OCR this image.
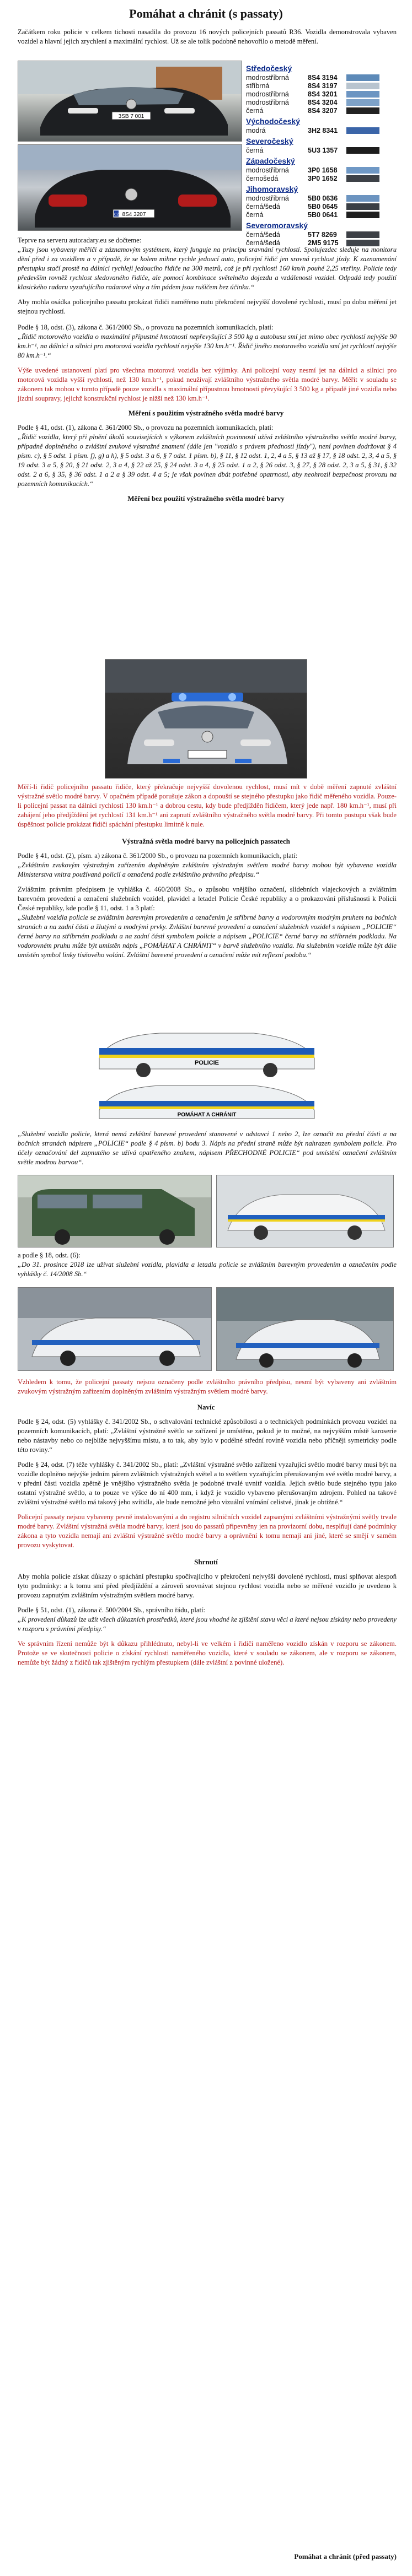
Pomáhat a chránit (s passaty)

Začátkem roku policie v celkem tichosti nasadila do provozu 16 nových policejních passatů R36. Vozidla demonstrovala vybaven vozidel a hlavní jejich zrychlení a maximální rychlost. Už se ale tolik podobně nehovořilo o metodě měření.

3SB 7 001
8S4 3207
CZ
Středočeský
modrostříbrná	8S4 3194
stříbrná	8S4 3197
modrostříbrná	8S4 3201
modrostříbrná	8S4 3204
černá	8S4 3207
Východočeský
modrá	3H2 8341
Severočeský
černá	5U3 1357
Západočeský
modrostříbrná	3P0 1658
černošedá	3P0 1652
Jihomoravský
modrostříbrná	5B0 0636
černá/šedá	5B0 0645
černá	5B0 0641
Severomoravský
černá/šedá	5T7 8269
černá/šedá	2M5 9175

Teprve na serveru autoradary.eu se dočteme:

„Tuzy jsou vybaveny měřiči a záznamovým systémem, který funguje na principu sravnání rychlostí. Spolujezdec sleduje na monitoru dění před i za vozidlem a v případě, že se kolem mihne rychle jedoucí auto, policejní řidič jen srovná rychlost jízdy. K zaznamenání přestupku stačí prostě na dálnici rychleji jedoucího řidiče na 300 metrů, což je při rychlosti 160 km/h pouhé 2,25 vteřiny. Policie tedy především rovněž rychlost sledovaného řidiče, ale pomocí kombinace světelného dojezdu a vzdálenosti vozidel. Odpadá tedy použití klasického radaru vyzařujícího radarové vlny a tím pádem jsou rušičem bez účinku.“

Aby mohla osádka policejního passatu prokázat řidiči naměřeno nutu překročení nejvyšší dovolené rychlosti, musí po dobu měření jet stejnou rychlostí.

Podle § 18, odst. (3), zákona č. 361/2000 Sb., o provozu na pozemních komunikacích, platí:

„Řidič motorového vozidla o maximální přípustné hmotnosti nepřevyšující 3 500 kg a autobusu smí jet mimo obec rychlostí nejvýše 90 km.h⁻¹, na dálnici a silnici pro motorová vozidla rychlostí nejvýše 130 km.h⁻¹. Řidič jiného motorového vozidla smí jet rychlostí nejvýše 80 km.h⁻¹.“

Výše uvedené ustanovení platí pro všechna motorová vozidla bez výjimky. Ani policejní vozy nesmí jet na dálnici a silnici pro motorová vozidla vyšší rychlostí, než 130 km.h⁻¹, pokud neužívají zvláštního výstražného světla modré barvy. Měřit v souladu se zákonem tak mohou v tomto případě pouze vozidla s maximální přípustnou hmotností převyšující 3 500 kg a případě jiné vozidla nebo jízdní soupravy, jejichž konstrukční rychlost je nižší než 130 km.h⁻¹.

Měření s použitím výstražného světla modré barvy

Podle § 41, odst. (1), zákona č. 361/2000 Sb., o provozu na pozemních komunikacích, platí:

„Řidič vozidla, který při plnění úkolů souvisejících s výkonem zvláštních povinností užívá zvláštního výstražného světla modré barvy, případně doplněného o zvláštní zvukové výstražné znamení (dále jen "vozidlo s právem přednosti jízdy"), není povinen dodržovat § 4 písm. c), § 5 odst. 1 písm. f), g) a h), § 5 odst. 3 a 6, § 7 odst. 1 písm. b), § 11, § 12 odst. 1, 2, 4 a 5, § 13 až § 17, § 18 odst. 2, 3, 4 a 5, § 19 odst. 3 a 5, § 20, § 21 odst. 2, 3 a 4, § 22 až 25, § 24 odst. 3 a 4, § 25 odst. 1 a 2, § 26 odst. 3, § 27, § 28 odst. 2, 3 a 5, § 31, § 32 odst. 2 a 6, § 35, § 36 odst. 1 a 2 a § 39 odst. 4 a 5; je však povinen dbát potřebné opatrnosti, aby neohrozil bezpečnost provozu na pozemních komunikacích.“

Měření bez použití výstražného světla modré barvy

Měří-li řidič policejního passatu řidiče, který překračuje nejvyšší dovolenou rychlost, musí mít v době měření zapnuté zvláštní výstražné světlo modré barvy. V opačném případě porušuje zákon a dopouští se stejného přestupku jako řidič měřeného vozidla. Pouze-li policejní passat na dálnici rychlostí 130 km.h⁻¹ a dobrou cestu, kdy bude předjížděn řidičem, který jede např. 180 km.h⁻¹, musí při zahájení jeho předjíždění jet rychlostí 131 km.h⁻¹ ani zapnutí zvláštního výstražného světla modré barvy. Při tomto postupu však bude úspěšnost policie prokázat řidiči spáchání přestupku limitně k nule.

Výstražná světla modré barvy na policejních passatech

Podle § 41, odst. (2), písm. a) zákona č. 361/2000 Sb., o provozu na pozemních komunikacích, platí:

„Zvláštním zvukovým výstražným zařízením doplněným zvláštním výstražným světlem modré barvy mohou být vybavena vozidla Ministerstva vnitra používaná policií a označená podle zvláštního právního předpisu.“

Zvláštním právním předpisem je vyhláška č. 460/2008 Sb., o způsobu vnějšího označení, slidebních vlajeckových a zvláštním barevném provedení a označení služebních vozidel, plavidel a letadel Policie České republiky a o prokazování příslušnosti k Policii České republiky, kde podle § 11, odst. 1 a 3 platí:

„Služební vozidla policie se zvláštním barevným provedením a označením je stříbrné barvy a vodorovným modrým pruhem na bočních stranách a na zadní části a žlutými a modrými prvky. Zvláštní barevné provedení a označení služebních vozidel s nápisem „POLICIE“ černé barvy na stříbrném podkladu a na zadní části symbolem policie a nápisem „POLICIE“ černé barvy na stříbrném podkladu. Na vodorovném pruhu může být umístěn nápis „POMÁHAT A CHRÁNIT“ v barvě služebního vozidla. Na služebním vozidle může být dále umístěn symbol linky tísňového volání. Zvláštní barevné provedení a označení může mít reflexní podobu.“

POLICIE
POMÁHAT A CHRÁNIT

„Služební vozidla policie, která nemá zvláštní barevné provedení stanovené v odstavci 1 nebo 2, lze označit na přední části a na bočních stranách nápisem „POLICIE“ podle § 4 písm. b) bodu 3. Nápis na přední straně může být nahrazen symbolem policie. Pro účely označování del zapnutého se užívá opatřeného znakem, nápisem PŘECHODNÉ POLICIE“ pod umístění označení zvláštním světle modrou barvou“.

a podle § 18, odst. (6):

„Do 31. prosince 2018 lze užívat služební vozidla, plavidla a letadla policie se zvláštním barevným provedením a označením podle vyhlášky č. 14/2008 Sb.“

Vzhledem k tomu, že policejní passaty nejsou označeny podle zvláštního právního předpisu, nesmí být vybaveny ani zvláštním zvukovým výstražným zařízením doplněným zvláštním výstražným světlem modré barvy.

Navíc

Podle § 24, odst. (5) vyhlášky č. 341/2002 Sb., o schvalování technické způsobilosti a o technických podmínkách provozu vozidel na pozemních komunikacích, platí: „Zvláštní výstražné světlo se zařízení je umístěno, pokud je to možné, na nejvyšším místě karoserie nebo nástavby nebo co nejblíže nejvyššímu místu, a to tak, aby bylo v podélné střední rovině vozidla nebo příčněji symetricky podle této roviny.“

Podle § 24, odst. (7) téže vyhlášky č. 341/2002 Sb., platí: „Zvláštní výstražné světlo zařízení vyzařující světlo modré barvy musí být na vozidle doplněno nejvýše jedním párem zvláštních výstražných světel a to světlem vyzařujícím přerušovaným své světlo modré barvy, a v přední části vozidla zpětně je vnějšího výstražného světla je podobné trvalé uvnitř vozidla. Jejich světlo bude stejného typu jako ostatní výstražné světlo, a to pouze ve výšce do ní 400 mm, i když je vozidlo vybaveno přerušovaným zdrojem. Pohled na takové zvláštní výstražné světlo má takový jeho svítidla, ale bude nemožné jeho vizuální vnímání celistvé, jinak je obtížné.“

Policejní passaty nejsou vybaveny pevně instalovanými a do registru silničních vozidel zapsanými zvláštními výstražnými světly trvale modré barvy. Zvláštní výstražná světla modré barvy, která jsou do passatů připevněny jen na provizorní dobu, nesplňují dané podmínky zákona a tyto vozidla nemají ani zvláštní výstražné světlo modré barvy a oprávnění k tomu nemají ani jiné, které se smějí v samém provozu vyskytovat.

Shrnutí

Aby mohla policie získat důkazy o spáchání přestupku spočívajícího v překročení nejvyšší dovolené rychlosti, musí splňovat alespoň tyto podmínky: a k tomu smí před předjíždění a zároveň srovnávat stejnou rychlost vozidla nebo se měřené vozidlo je uvedeno k provozu zapnutým zvláštním výstražným světlem modré barvy.

Podle § 51, odst. (1), zákona č. 500/2004 Sb., správního řádu, platí:

„K provedení důkazů lze užít všech důkazních prostředků, které jsou vhodné ke zjištění stavu věci a které nejsou získány nebo provedeny v rozporu s právními předpisy.“

Ve správním řízení nemůže být k důkazu přihlédnuto, nebyl-li ve velkém i řidiči naměřeno vozidlo získán v rozporu se zákonem. Protože se ve skutečnosti policie o získání rychlosti naměřeného vozidla, které v souladu se zákonem, ale v rozporu se zákonem, nemůže být žádný z řidičů tak zjištěným rychlým přestupkem (dále zvláštní z povinné uložené).

Pomáhat a chránit (před passaty)
